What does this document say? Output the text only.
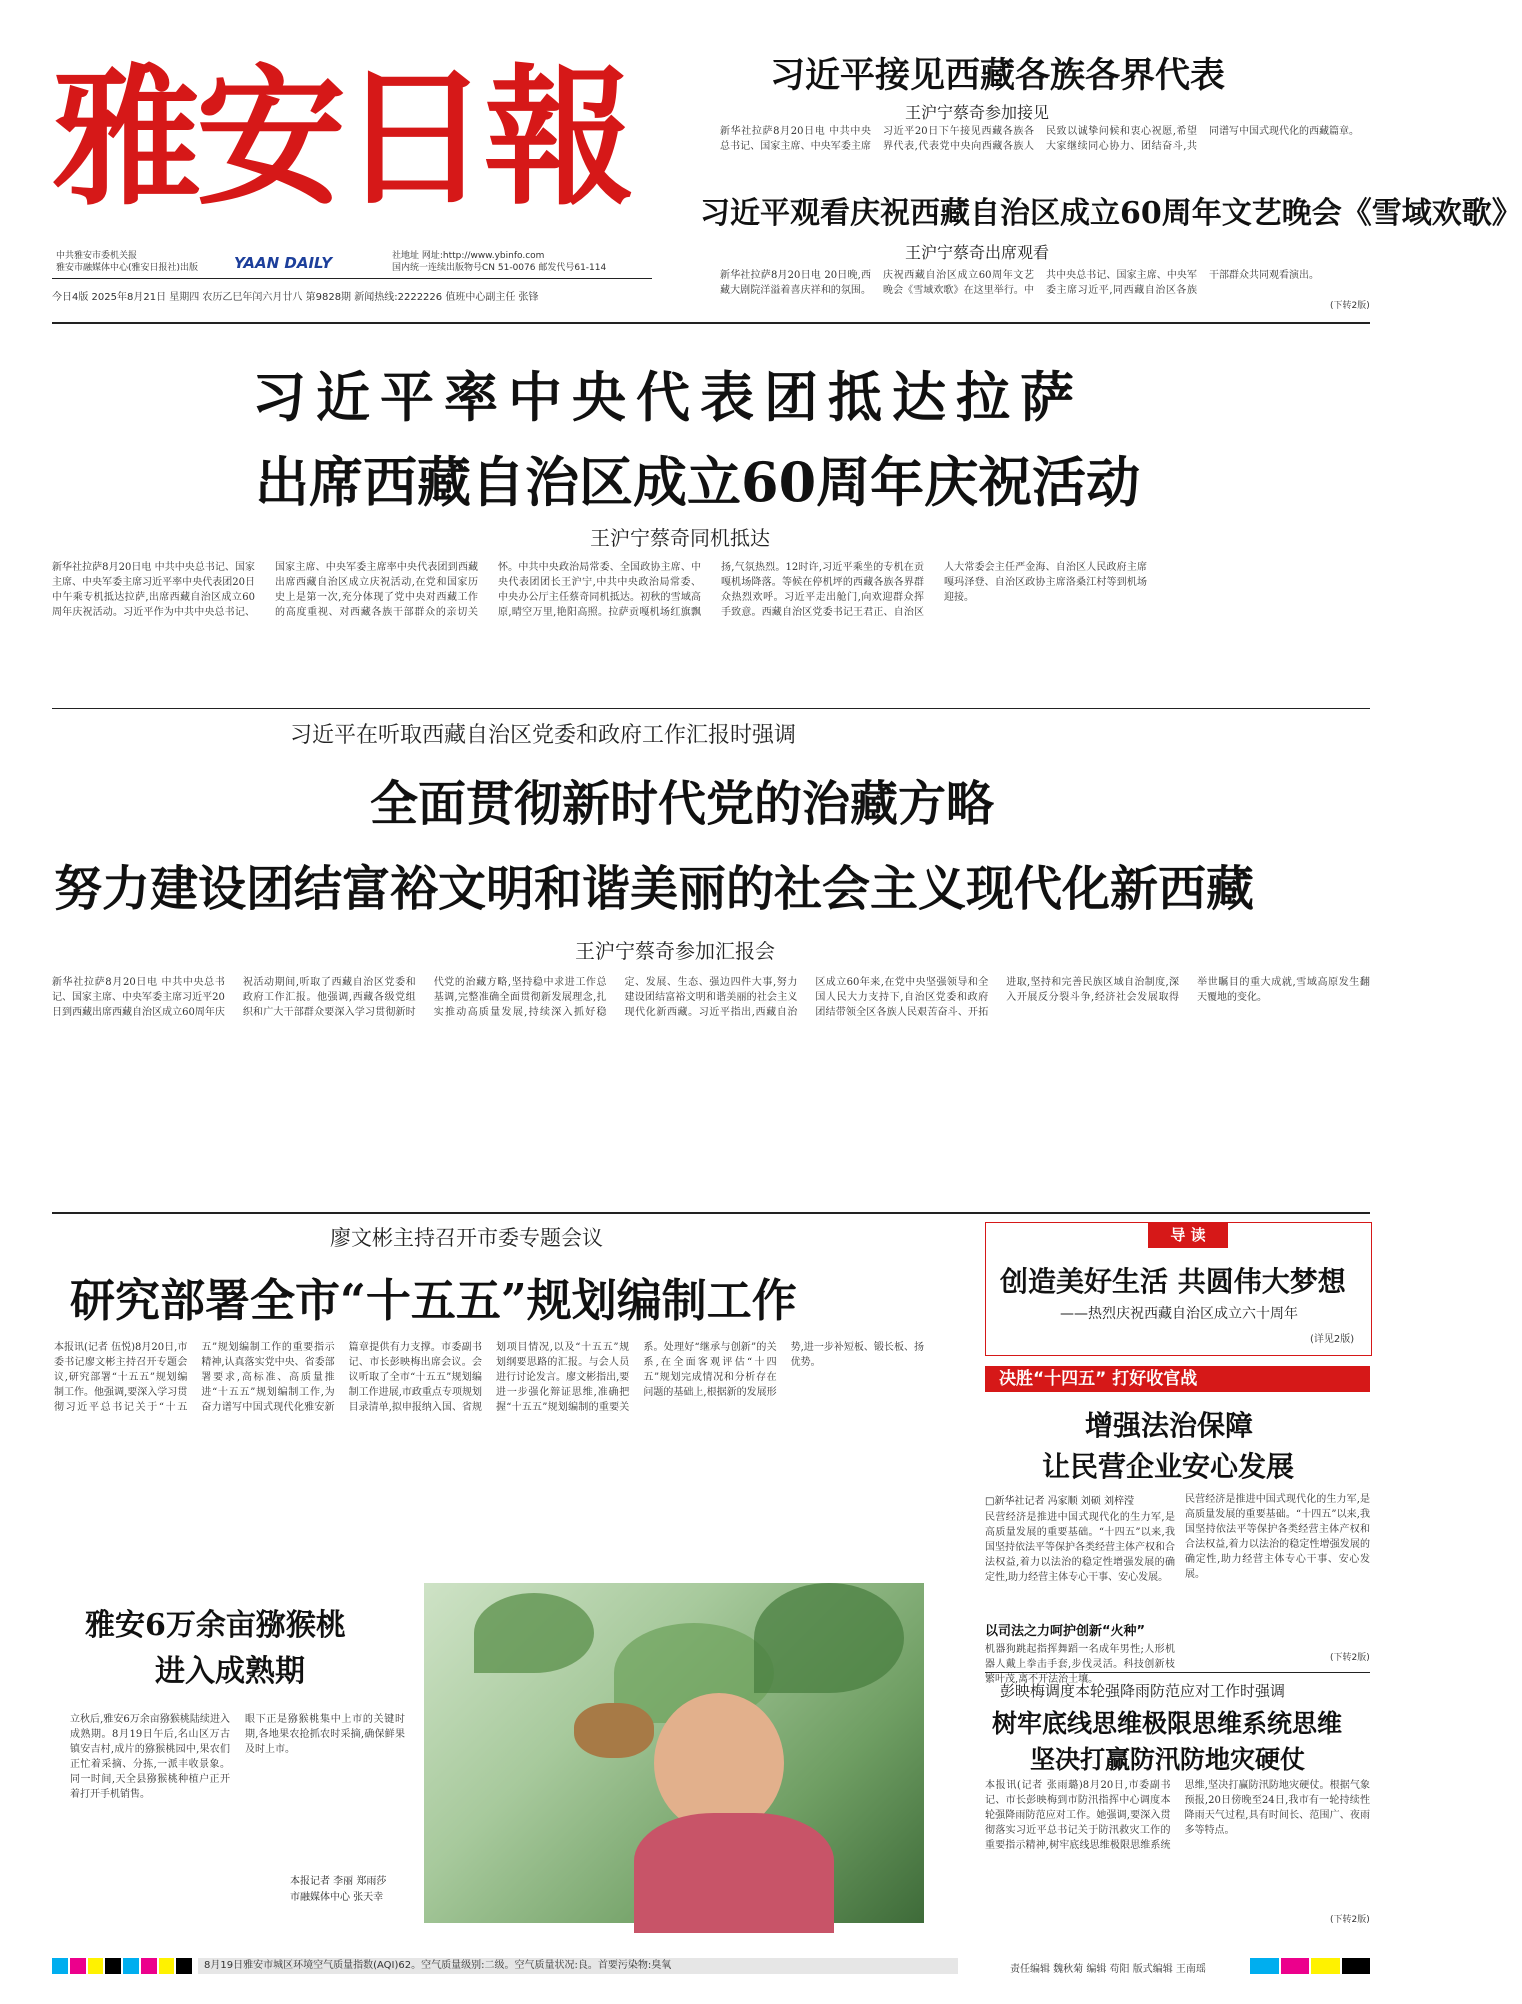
雅安日報
中共雅安市委机关报
雅安市融媒体中心(雅安日报社)出版 YAAN DAILY	社地址 网址:http://www.ybinfo.com
国内统一连续出版物号CN 51-0076 邮发代号61-114
今日4版 2025年8月21日 星期四 农历乙巳年闰六月廿八 第9828期 新闻热线:2222226 值班中心副主任 张锋
习近平接见西藏各族各界代表
王沪宁蔡奇参加接见
新华社拉萨8月20日电 中共中央总书记、国家主席、中央军委主席习近平20日下午接见西藏各族各界代表,代表党中央向西藏各族人民致以诚挚问候和衷心祝愿,希望大家继续同心协力、团结奋斗,共同谱写中国式现代化的西藏篇章。
习近平观看庆祝西藏自治区成立60周年文艺晚会《雪域欢歌》
王沪宁蔡奇出席观看
新华社拉萨8月20日电 20日晚,西藏大剧院洋溢着喜庆祥和的氛围。庆祝西藏自治区成立60周年文艺晚会《雪域欢歌》在这里举行。中共中央总书记、国家主席、中央军委主席习近平,同西藏自治区各族干部群众共同观看演出。
(下转2版)
习近平率中央代表团抵达拉萨
出席西藏自治区成立60周年庆祝活动
王沪宁蔡奇同机抵达
新华社拉萨8月20日电 中共中央总书记、国家主席、中央军委主席习近平率中央代表团20日中午乘专机抵达拉萨,出席西藏自治区成立60周年庆祝活动。习近平作为中共中央总书记、国家主席、中央军委主席率中央代表团到西藏出席西藏自治区成立庆祝活动,在党和国家历史上是第一次,充分体现了党中央对西藏工作的高度重视、对西藏各族干部群众的亲切关怀。中共中央政治局常委、全国政协主席、中央代表团团长王沪宁,中共中央政治局常委、中央办公厅主任蔡奇同机抵达。初秋的雪域高原,晴空万里,艳阳高照。拉萨贡嘎机场红旗飘扬,气氛热烈。12时许,习近平乘坐的专机在贡嘎机场降落。等候在停机坪的西藏各族各界群众热烈欢呼。习近平走出舱门,向欢迎群众挥手致意。西藏自治区党委书记王君正、自治区人大常委会主任严金海、自治区人民政府主席嘎玛泽登、自治区政协主席洛桑江村等到机场迎接。
习近平在听取西藏自治区党委和政府工作汇报时强调
全面贯彻新时代党的治藏方略
努力建设团结富裕文明和谐美丽的社会主义现代化新西藏
王沪宁蔡奇参加汇报会
新华社拉萨8月20日电 中共中央总书记、国家主席、中央军委主席习近平20日到西藏出席西藏自治区成立60周年庆祝活动期间,听取了西藏自治区党委和政府工作汇报。他强调,西藏各级党组织和广大干部群众要深入学习贯彻新时代党的治藏方略,坚持稳中求进工作总基调,完整准确全面贯彻新发展理念,扎实推动高质量发展,持续深入抓好稳定、发展、生态、强边四件大事,努力建设团结富裕文明和谐美丽的社会主义现代化新西藏。习近平指出,西藏自治区成立60年来,在党中央坚强领导和全国人民大力支持下,自治区党委和政府团结带领全区各族人民艰苦奋斗、开拓进取,坚持和完善民族区域自治制度,深入开展反分裂斗争,经济社会发展取得举世瞩目的重大成就,雪域高原发生翻天覆地的变化。
廖文彬主持召开市委专题会议
研究部署全市“十五五”规划编制工作
本报讯(记者 伍悦)8月20日,市委书记廖文彬主持召开专题会议,研究部署“十五五”规划编制工作。他强调,要深入学习贯彻习近平总书记关于“十五五”规划编制工作的重要指示精神,认真落实党中央、省委部署要求,高标准、高质量推进“十五五”规划编制工作,为奋力谱写中国式现代化雅安新篇章提供有力支撑。市委副书记、市长彭映梅出席会议。会议听取了全市“十五五”规划编制工作进展,市政重点专项规划目录清单,拟申报纳入国、省规划项目情况,以及“十五五”规划纲要思路的汇报。与会人员进行讨论发言。廖文彬指出,要进一步强化辩证思维,准确把握“十五五”规划编制的重要关系。处理好“继承与创新”的关系,在全面客观评估“十四五”规划完成情况和分析存在问题的基础上,根据新的发展形势,进一步补短板、锻长板、扬优势。
导 读
创造美好生活 共圆伟大梦想
——热烈庆祝西藏自治区成立六十周年
(详见2版)
决胜“十四五” 打好收官战
增强法治保障
让民营企业安心发展
□新华社记者 冯家顺 刘硕 刘梓滢
民营经济是推进中国式现代化的生力军,是高质量发展的重要基础。“十四五”以来,我国坚持依法平等保护各类经营主体产权和合法权益,着力以法治的稳定性增强发展的确定性,助力经营主体专心干事、安心发展。
以司法之力呵护创新“火种”
机器狗跳起指挥舞蹈一名成年男性;人形机器人戴上拳击手套,步伐灵活。科技创新枝繁叶茂,离不开法治土壤。
民营经济是推进中国式现代化的生力军,是高质量发展的重要基础。“十四五”以来,我国坚持依法平等保护各类经营主体产权和合法权益,着力以法治的稳定性增强发展的确定性,助力经营主体专心干事、安心发展。
(下转2版)
彭映梅调度本轮强降雨防范应对工作时强调
树牢底线思维极限思维系统思维
坚决打赢防汛防地灾硬仗
本报讯(记者 张雨璐)8月20日,市委副书记、市长彭映梅到市防汛指挥中心调度本轮强降雨防范应对工作。她强调,要深入贯彻落实习近平总书记关于防汛救灾工作的重要指示精神,树牢底线思维极限思维系统思维,坚决打赢防汛防地灾硬仗。根据气象预报,20日傍晚至24日,我市有一轮持续性降雨天气过程,具有时间长、范围广、夜雨多等特点。
(下转2版)
雅安6万余亩猕猴桃
进入成熟期
立秋后,雅安6万余亩猕猴桃陆续进入成熟期。8月19日午后,名山区万古镇安吉村,成片的猕猴桃园中,果农们正忙着采摘、分拣,一派丰收景象。同一时间,天全县猕猴桃种植户正开着打开手机销售。
眼下正是猕猴桃集中上市的关键时期,各地果农抢抓农时采摘,确保鲜果及时上市。
本报记者 李丽 郑雨莎
市融媒体中心 张天幸
8月19日雅安市城区环境空气质量指数(AQI)62。空气质量级别:二级。空气质量状况:良。首要污染物:臭氧	责任编辑 魏秋菊 编辑 苟阳 版式编辑 王南瑶
